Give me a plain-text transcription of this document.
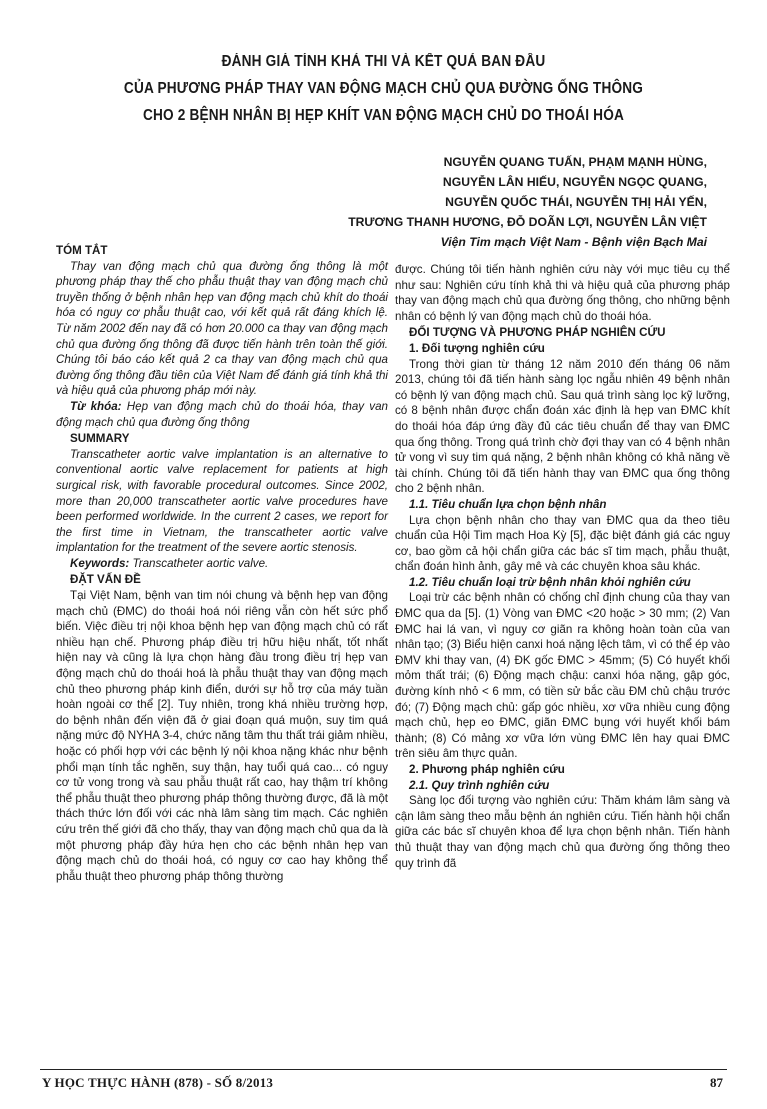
ĐÁNH GIÁ TÍNH KHẢ THI VÀ KẾT QUẢ BAN ĐẦU
CỦA PHƯƠNG PHÁP THAY VAN ĐỘNG MẠCH CHỦ QUA ĐƯỜNG ỐNG THÔNG
CHO 2 BỆNH NHÂN BỊ HẸP KHÍT VAN ĐỘNG MẠCH CHỦ DO THOÁI HÓA
NGUYỄN QUANG TUẤN, PHẠM MẠNH HÙNG,
NGUYỄN LÂN HIẾU, NGUYỄN NGỌC QUANG,
NGUYỄN QUỐC THÁI, NGUYỄN THỊ HẢI YẾN,
TRƯƠNG THANH HƯƠNG, ĐỖ DOÃN LỢI, NGUYỄN LÂN VIỆT
Viện Tim mạch Việt Nam - Bệnh viện Bạch Mai
TÓM TẮT

Thay van động mạch chủ qua đường ống thông là một phương pháp thay thế cho phẫu thuật thay van động mạch chủ truyền thống ở bệnh nhân hẹp van động mạch chủ khít do thoái hóa có nguy cơ phẫu thuật cao, với kết quả rất đáng khích lệ. Từ năm 2002 đến nay đã có hơn 20.000 ca thay van động mạch chủ qua đường ống thông đã được tiến hành trên toàn thế giới. Chúng tôi báo cáo kết quả 2 ca thay van động mạch chủ qua đường ống thông đầu tiên của Việt Nam để đánh giá tính khả thi và hiệu quả của phương pháp mới này.

Từ khóa: Hẹp van động mạch chủ do thoái hóa, thay van động mạch chủ qua đường ống thông

SUMMARY

Transcatheter aortic valve implantation is an alternative to conventional aortic valve replacement for patients at high surgical risk, with favorable procedural outcomes. Since 2002, more than 20,000 transcatheter aortic valve procedures have been performed worldwide. In the current 2 cases, we report for the first time in Vietnam, the transcatheter aortic valve implantation for the treatment of the severe aortic stenosis.

Keywords: Transcatheter aortic valve.

ĐẶT VẤN ĐỀ

Tại Việt Nam, bệnh van tim nói chung và bệnh hẹp van động mạch chủ (ĐMC) do thoái hoá nói riêng vẫn còn hết sức phổ biến. Việc điều trị nội khoa bệnh hẹp van động mạch chủ có rất nhiều hạn chế. Phương pháp điều trị hữu hiệu nhất, tốt nhất hiện nay và cũng là lựa chọn hàng đầu trong điều trị hẹp van động mạch chủ do thoái hoá là phẫu thuật thay van động mạch chủ theo phương pháp kinh điển, dưới sự hỗ trợ của máy tuần hoàn ngoài cơ thể [2]. Tuy nhiên, trong khá nhiều trường hợp, do bệnh nhân đến viện đã ở giai đoạn quá muộn, suy tim quá nặng mức độ NYHA 3-4, chức năng tâm thu thất trái giảm nhiều, hoặc có phối hợp với các bệnh lý nội khoa nặng khác như bệnh phổi mạn tính tắc nghẽn, suy thận, hay tuổi quá cao... có nguy cơ tử vong trong và sau phẫu thuật rất cao, hay thậm trí không thể phẫu thuật theo phương pháp thông thường được, đã là một thách thức lớn đối với các nhà lâm sàng tim mạch. Các nghiên cứu trên thế giới đã cho thấy, thay van động mạch chủ qua da là một phương pháp đầy hứa hẹn cho các bệnh nhân hẹp van động mạch chủ do thoái hoá, có nguy cơ cao hay không thể phẫu thuật theo phương pháp thông thường

được. Chúng tôi tiến hành nghiên cứu này với mục tiêu cụ thể như sau: Nghiên cứu tính khả thi và hiệu quả của phương pháp thay van động mạch chủ qua đường ống thông, cho những bệnh nhân có bệnh lý van động mạch chủ do thoái hóa.

ĐỐI TƯỢNG VÀ PHƯƠNG PHÁP NGHIÊN CỨU
1. Đối tượng nghiên cứu

Trong thời gian từ tháng 12 năm 2010 đến tháng 06 năm 2013, chúng tôi đã tiến hành sàng lọc ngẫu nhiên 49 bệnh nhân có bệnh lý van động mạch chủ. Sau quá trình sàng lọc kỹ lưỡng, có 8 bệnh nhân được chẩn đoán xác định là hẹp van ĐMC khít do thoái hóa đáp ứng đầy đủ các tiêu chuẩn để thay van ĐMC qua ống thông. Trong quá trình chờ đợi thay van có 4 bệnh nhân tử vong vì suy tim quá nặng, 2 bệnh nhân không có khả năng về tài chính. Chúng tôi đã tiến hành thay van ĐMC qua ống thông cho 2 bệnh nhân.

1.1. Tiêu chuẩn lựa chọn bệnh nhân

Lựa chọn bệnh nhân cho thay van ĐMC qua da theo tiêu chuẩn của Hội Tim mạch Hoa Kỳ [5], đặc biệt đánh giá các nguy cơ, bao gồm cả hội chẩn giữa các bác sĩ tim mạch, phẫu thuật, chẩn đoán hình ảnh, gây mê và các chuyên khoa sâu khác.

1.2. Tiêu chuẩn loại trừ bệnh nhân khỏi nghiên cứu

Loại trừ các bệnh nhân có chống chỉ định chung của thay van ĐMC qua da [5]. (1) Vòng van ĐMC <20 hoặc > 30 mm; (2) Van ĐMC hai lá van, vì nguy cơ giãn ra không hoàn toàn của van nhân tạo; (3) Biểu hiện canxi hoá nặng lệch tâm, vì có thể ép vào ĐMV khi thay van, (4) ĐK gốc ĐMC > 45mm; (5) Có huyết khối mỏm thất trái; (6) Động mạch chậu: canxi hóa nặng, gập góc, đường kính nhỏ < 6 mm, có tiền sử bắc cầu ĐM chủ chậu trước đó; (7) Động mạch chủ: gấp góc nhiều, xơ vữa nhiều cung động mạch chủ, hẹp eo ĐMC, giãn ĐMC bụng với huyết khối bám thành; (8) Có mảng xơ vữa lớn vùng ĐMC lên hay quai ĐMC trên siêu âm thực quản.

2. Phương pháp nghiên cứu
2.1. Quy trình nghiên cứu

Sàng lọc đối tượng vào nghiên cứu: Thăm khám lâm sàng và cận lâm sàng theo mẫu bệnh án nghiên cứu. Tiến hành hội chẩn giữa các bác sĩ chuyên khoa để lựa chọn bệnh nhân. Tiến hành thủ thuật thay van động mạch chủ qua đường ống thông theo quy trình đã

Y HỌC THỰC HÀNH (878) - SỐ 8/2013	87
